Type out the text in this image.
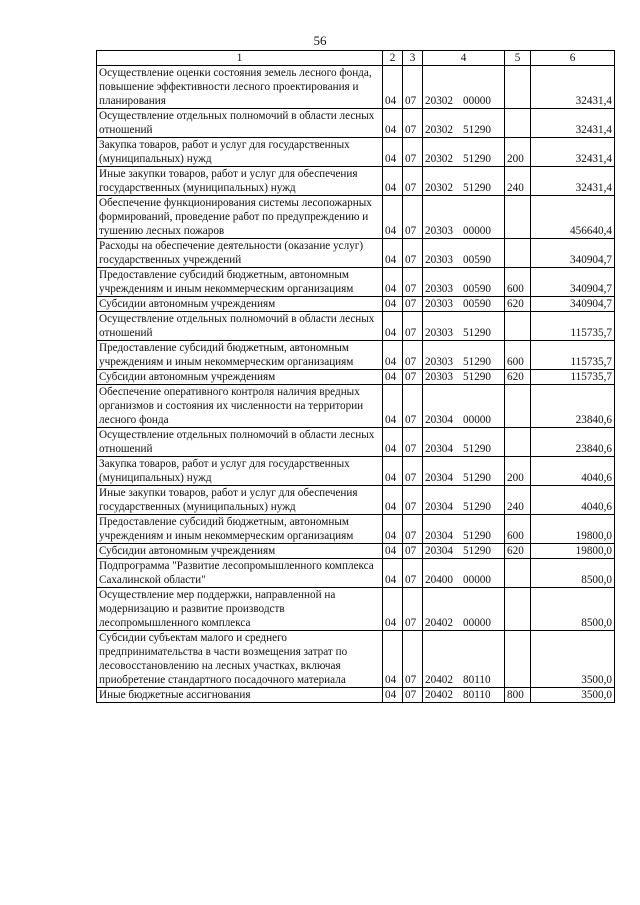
56
1	2	3	4	5	6
Осуществление оценки состояния земель лесного фонда, повышение эффективности лесного проектирования и планирования	04	07	20302 00000		32431,4
Осуществление отдельных полномочий в области лесных отношений	04	07	20302 51290		32431,4
Закупка товаров, работ и услуг для государственных (муниципальных) нужд	04	07	20302 51290	200	32431,4
Иные закупки товаров, работ и услуг для обеспечения государственных (муниципальных) нужд	04	07	20302 51290	240	32431,4
Обеспечение функционирования системы лесопожарных формирований, проведение работ по предупреждению и тушению лесных пожаров	04	07	20303 00000		456640,4
Расходы на обеспечение деятельности (оказание услуг) государственных учреждений	04	07	20303 00590		340904,7
Предоставление субсидий бюджетным, автономным учреждениям и иным некоммерческим организациям	04	07	20303 00590	600	340904,7
Субсидии автономным учреждениям	04	07	20303 00590	620	340904,7
Осуществление отдельных полномочий в области лесных отношений	04	07	20303 51290		115735,7
Предоставление субсидий бюджетным, автономным учреждениям и иным некоммерческим организациям	04	07	20303 51290	600	115735,7
Субсидии автономным учреждениям	04	07	20303 51290	620	115735,7
Обеспечение оперативного контроля наличия вредных организмов и состояния их численности на территории лесного фонда	04	07	20304 00000		23840,6
Осуществление отдельных полномочий в области лесных отношений	04	07	20304 51290		23840,6
Закупка товаров, работ и услуг для государственных (муниципальных) нужд	04	07	20304 51290	200	4040,6
Иные закупки товаров, работ и услуг для обеспечения государственных (муниципальных) нужд	04	07	20304 51290	240	4040,6
Предоставление субсидий бюджетным, автономным учреждениям и иным некоммерческим организациям	04	07	20304 51290	600	19800,0
Субсидии автономным учреждениям	04	07	20304 51290	620	19800,0
Подпрограмма "Развитие лесопромышленного комплекса Сахалинской области"	04	07	20400 00000		8500,0
Осуществление мер поддержки, направленной на модернизацию и развитие производств лесопромышленного комплекса	04	07	20402 00000		8500,0
Субсидии субъектам малого и среднего предпринимательства в части возмещения затрат по лесовосстановлению на лесных участках, включая приобретение стандартного посадочного материала	04	07	20402 80110		3500,0
Иные бюджетные ассигнования	04	07	20402 80110	800	3500,0
